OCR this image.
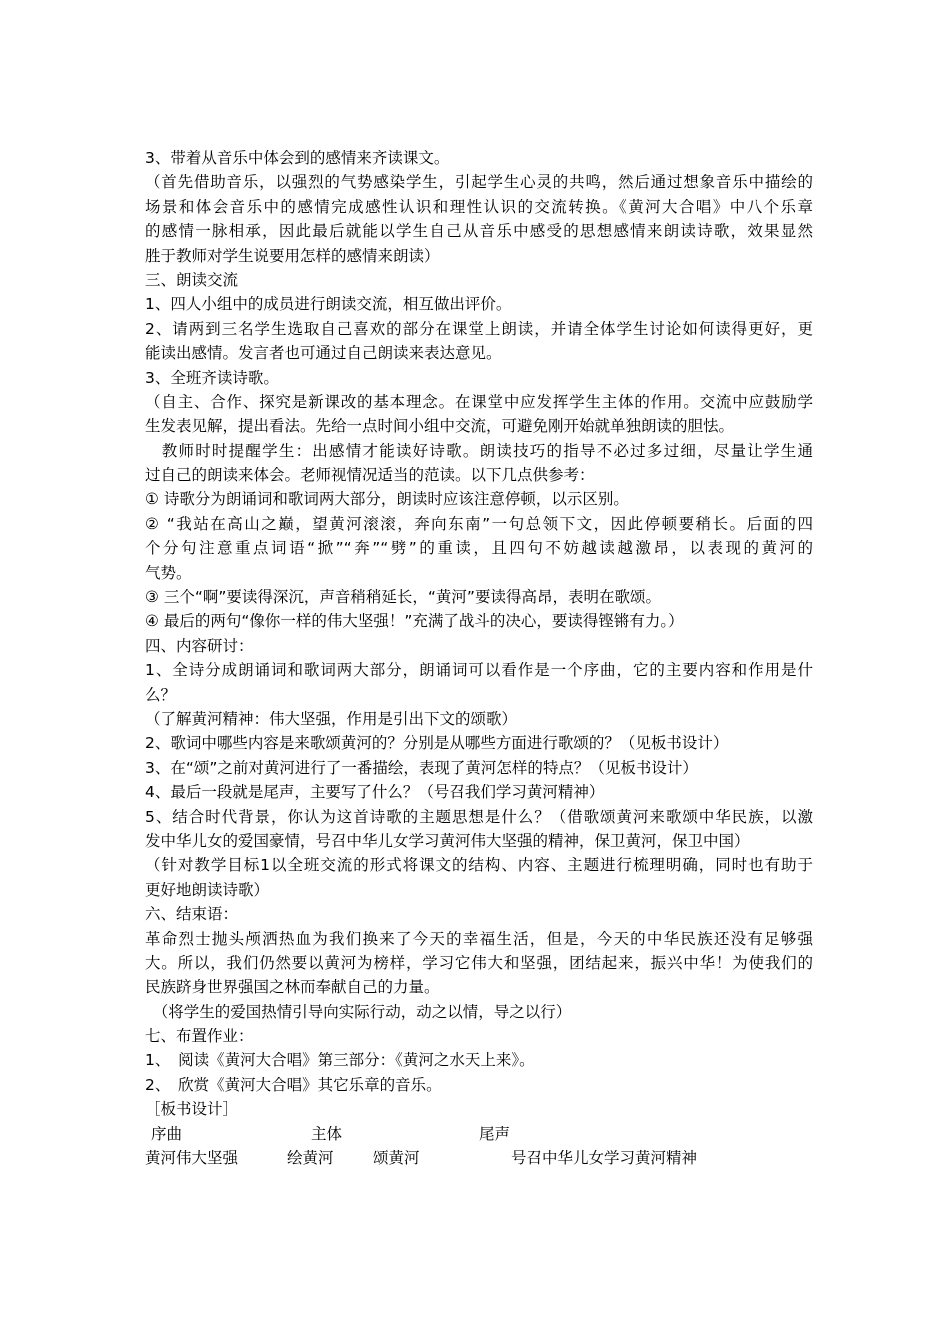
3、带着从音乐中体会到的感情来齐读课文。
（首先借助音乐，以强烈的气势感染学生，引起学生心灵的共鸣，然后通过想象音乐中描绘的
场景和体会音乐中的感情完成感性认识和理性认识的交流转换。《黄河大合唱》中八个乐章
的感情一脉相承，因此最后就能以学生自己从音乐中感受的思想感情来朗读诗歌，效果显然
胜于教师对学生说要用怎样的感情来朗读）
三、朗读交流
1、四人小组中的成员进行朗读交流，相互做出评价。
2、请两到三名学生选取自己喜欢的部分在课堂上朗读，并请全体学生讨论如何读得更好，更
能读出感情。发言者也可通过自己朗读来表达意见。
3、全班齐读诗歌。
（自主、合作、探究是新课改的基本理念。在课堂中应发挥学生主体的作用。交流中应鼓励学
生发表见解，提出看法。先给一点时间小组中交流，可避免刚开始就单独朗读的胆怯。
　教师时时提醒学生：出感情才能读好诗歌。朗读技巧的指导不必过多过细，尽量让学生通
过自己的朗读来体会。老师视情况适当的范读。以下几点供参考：
① 诗歌分为朗诵词和歌词两大部分，朗读时应该注意停顿，以示区别。
② “我站在高山之巅，望黄河滚滚，奔向东南”一句总领下文，因此停顿要稍长。后面的四
个分句注意重点词语“掀”“奔”“劈”的重读，且四句不妨越读越激昂，以表现的黄河的
气势。
③ 三个“啊”要读得深沉，声音稍稍延长，“黄河”要读得高昂，表明在歌颂。
④ 最后的两句“像你一样的伟大坚强！”充满了战斗的决心，要读得铿锵有力。）
四、内容研讨：
1、全诗分成朗诵词和歌词两大部分，朗诵词可以看作是一个序曲，它的主要内容和作用是什
么？
（了解黄河精神：伟大坚强，作用是引出下文的颂歌）
2、歌词中哪些内容是来歌颂黄河的？分别是从哪些方面进行歌颂的？（见板书设计）
3、在“颂”之前对黄河进行了一番描绘，表现了黄河怎样的特点？（见板书设计）
4、最后一段就是尾声，主要写了什么？（号召我们学习黄河精神）
5、结合时代背景，你认为这首诗歌的主题思想是什么？（借歌颂黄河来歌颂中华民族，以激
发中华儿女的爱国豪情，号召中华儿女学习黄河伟大坚强的精神，保卫黄河，保卫中国）
（针对教学目标1以全班交流的形式将课文的结构、内容、主题进行梳理明确，同时也有助于
更好地朗读诗歌）
六、结束语：
革命烈士抛头颅洒热血为我们换来了今天的幸福生活，但是，今天的中华民族还没有足够强
大。所以，我们仍然要以黄河为榜样，学习它伟大和坚强，团结起来，振兴中华！为使我们的
民族跻身世界强国之林而奉献自己的力量。
　（将学生的爱国热情引导向实际行动，动之以情，导之以行）
七、布置作业：
1、　阅读《黄河大合唱》第三部分：《黄河之水天上来》。
2、　欣赏《黄河大合唱》其它乐章的音乐。
［板书设计］
序曲	主体	尾声
黄河伟大坚强	绘黄河	颂黄河	号召中华儿女学习黄河精神
